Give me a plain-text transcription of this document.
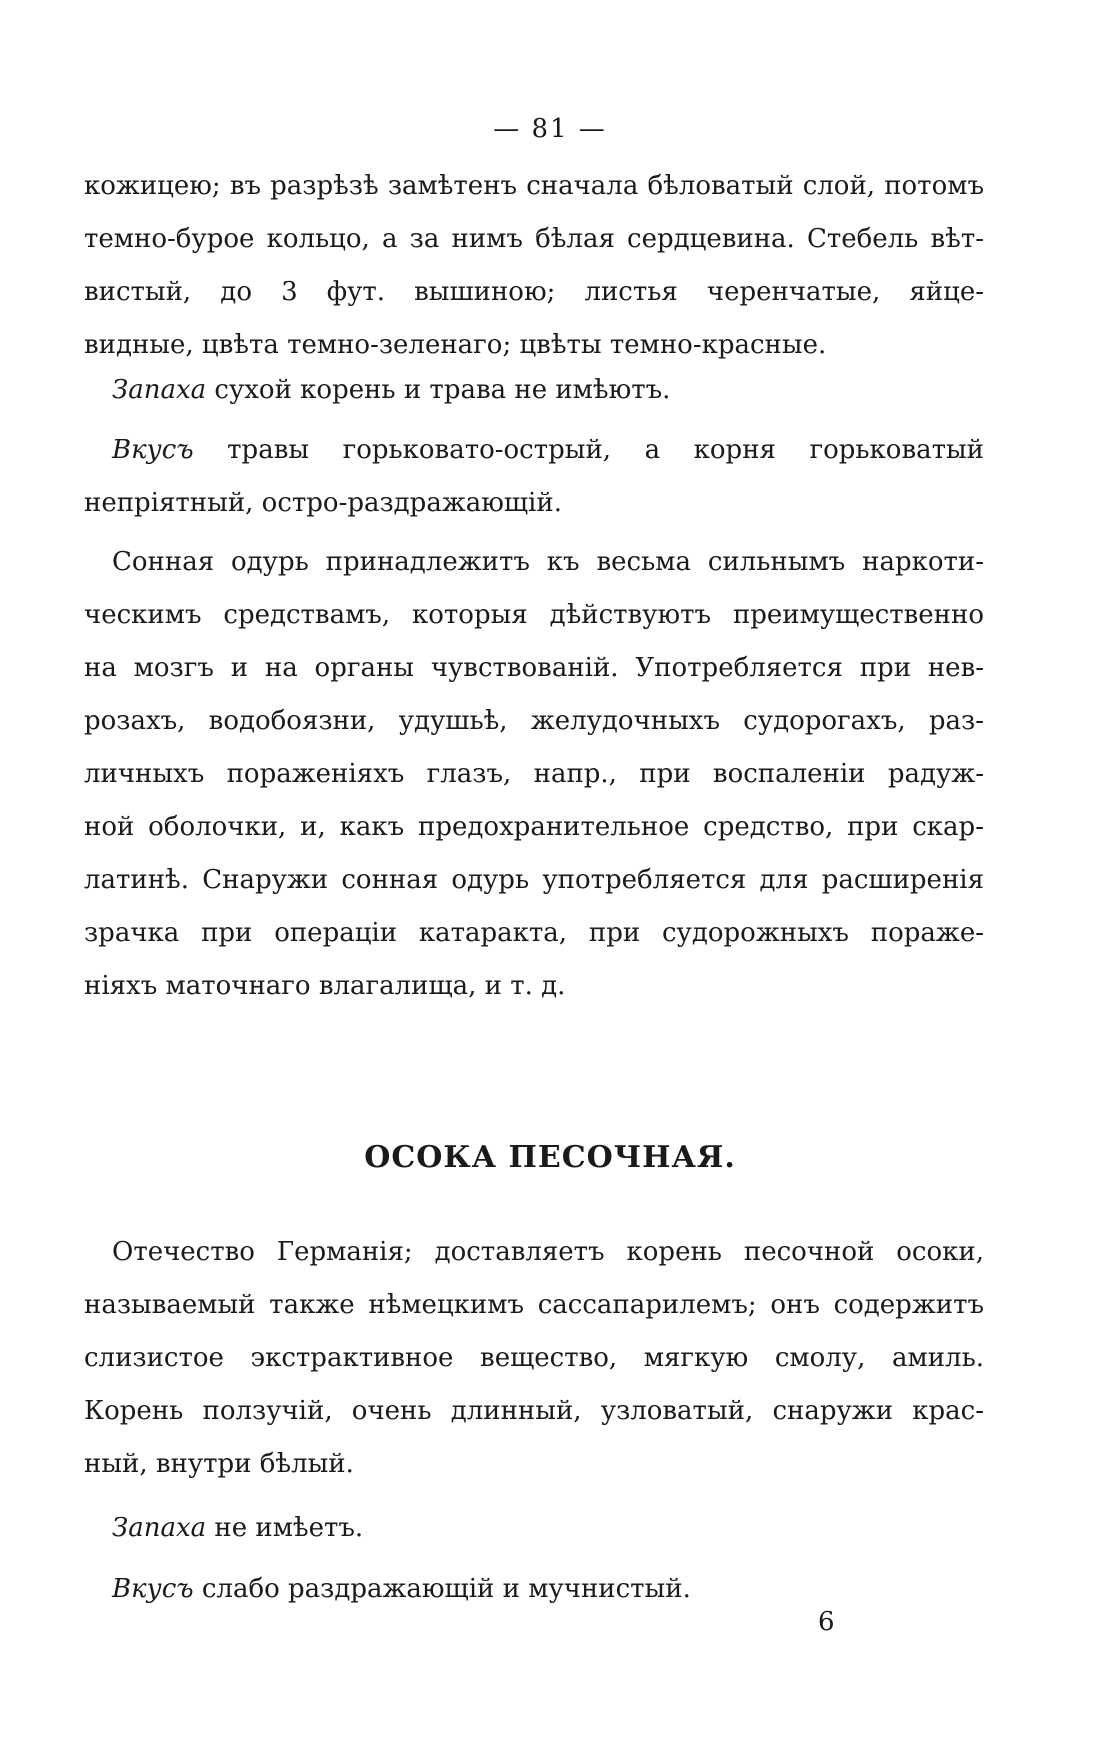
— 81 —
кожицею; въ разрѣзѣ замѣтенъ сначала бѣловатый слой, потомъ
темно-бурое кольцо, а за нимъ бѣлая сердцевина. Стебель вѣт-
вистый, до 3 фут. вышиною; листья черенчатые, яйце-
видные, цвѣта темно-зеленаго; цвѣты темно-красные.
Запаха сухой корень и трава не имѣютъ.
Вкусъ травы горьковато-острый, а корня горьковатый
непріятный, остро-раздражающій.
Сонная одурь принадлежитъ къ весьма сильнымъ наркоти-
ческимъ средствамъ, которыя дѣйствуютъ преимущественно
на мозгъ и на органы чувствованій. Употребляется при нев-
розахъ, водобоязни, удушьѣ, желудочныхъ судорогахъ, раз-
личныхъ пораженіяхъ глазъ, напр., при воспаленіи радуж-
ной оболочки, и, какъ предохранительное средство, при скар-
латинѣ. Снаружи сонная одурь употребляется для расширенія
зрачка при операціи катаракта, при судорожныхъ пораже-
ніяхъ маточнаго влагалища, и т. д.
ОСОКА ПЕСОЧНАЯ.
Отечество Германія; доставляетъ корень песочной осоки,
называемый также нѣмецкимъ сассапарилемъ; онъ содержитъ
слизистое экстрактивное вещество, мягкую смолу, амиль.
Корень ползучій, очень длинный, узловатый, снаружи крас-
ный, внутри бѣлый.
Запаха не имѣетъ.
Вкусъ слабо раздражающій и мучнистый.
6
